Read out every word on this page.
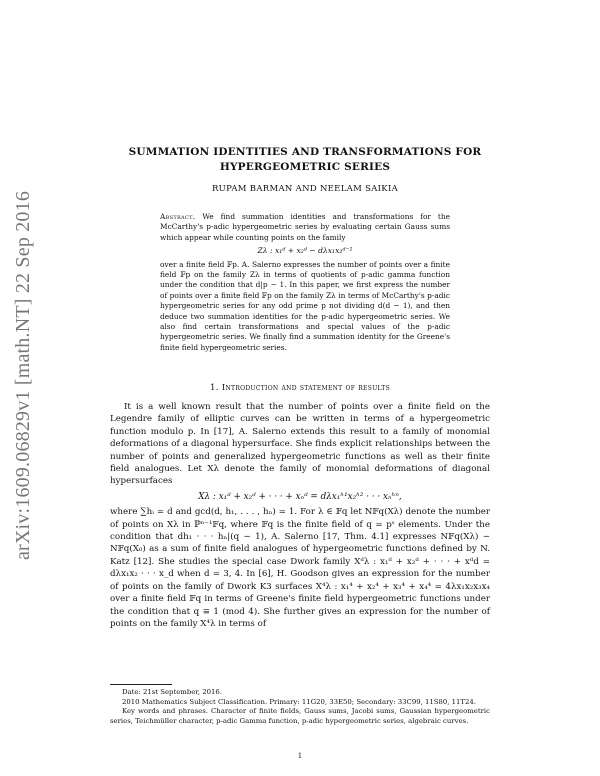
arXiv:1609.06829v1 [math.NT] 22 Sep 2016
SUMMATION IDENTITIES AND TRANSFORMATIONS FOR
HYPERGEOMETRIC SERIES
RUPAM BARMAN AND NEELAM SAIKIA
Abstract. We find summation identities and transformations for the McCarthy's p-adic hypergeometric series by evaluating certain Gauss sums which appear while counting points on the family
Zλ : x₁ᵈ + x₂ᵈ − dλx₁x₂ᵈ⁻¹
over a finite field 𝔽p. A. Salerno expresses the number of points over a finite field 𝔽p on the family Zλ in terms of quotients of p-adic gamma function under the condition that d|p − 1. In this paper, we first express the number of points over a finite field 𝔽p on the family Zλ in terms of McCarthy's p-adic hypergeometric series for any odd prime p not dividing d(d − 1), and then deduce two summation identities for the p-adic hypergeometric series. We also find certain transformations and special values of the p-adic hypergeometric series. We finally find a summation identity for the Greene's finite field hypergeometric series.
1. Introduction and statement of results

It is a well known result that the number of points over a finite field on the Legendre family of elliptic curves can be written in terms of a hypergeometric function modulo p. In [17], A. Salerno extends this result to a family of monomial deformations of a diagonal hypersurface. She finds explicit relationships between the number of points and generalized hypergeometric functions as well as their finite field analogues. Let Xλ denote the family of monomial deformations of diagonal hypersurfaces

Xλ : x₁ᵈ + x₂ᵈ + · · · + xₙᵈ = dλx₁ʰ¹x₂ʰ² · · · xₙʰⁿ,

where ∑hᵢ = d and gcd(d, h₁, . . . , hₙ) = 1. For λ ∈ 𝔽q let N𝔽q(Xλ) denote the number of points on Xλ in ℙⁿ⁻¹𝔽q, where 𝔽q is the finite field of q = pˢ elements. Under the condition that dh₁ · · · hₙ|(q − 1), A. Salerno [17, Thm. 4.1] expresses N𝔽q(Xλ) − N𝔽q(X₀) as a sum of finite field analogues of hypergeometric functions defined by N. Katz [12]. She studies the special case Dwork family Xᵈλ : x₁ᵈ + x₂ᵈ + · · · + xᵈd = dλx₁x₂ · · · x_d when d = 3, 4. In [6], H. Goodson gives an expression for the number of points on the family of Dwork K3 surfaces X⁴λ : x₁⁴ + x₂⁴ + x₃⁴ + x₄⁴ = 4λx₁x₂x₃x₄ over a finite field 𝔽q in terms of Greene's finite field hypergeometric functions under the condition that q ≡ 1 (mod 4). She further gives an expression for the number of points on the family X⁴λ in terms of

Date: 21st September, 2016.

2010 Mathematics Subject Classification. Primary: 11G20, 33E50; Secondary: 33C99, 11S80, 11T24.

Key words and phrases. Character of finite fields, Gauss sums, Jacobi sums, Gaussian hypergeometric series, Teichmüller character, p-adic Gamma function, p-adic hypergeometric series, algebraic curves.

1
